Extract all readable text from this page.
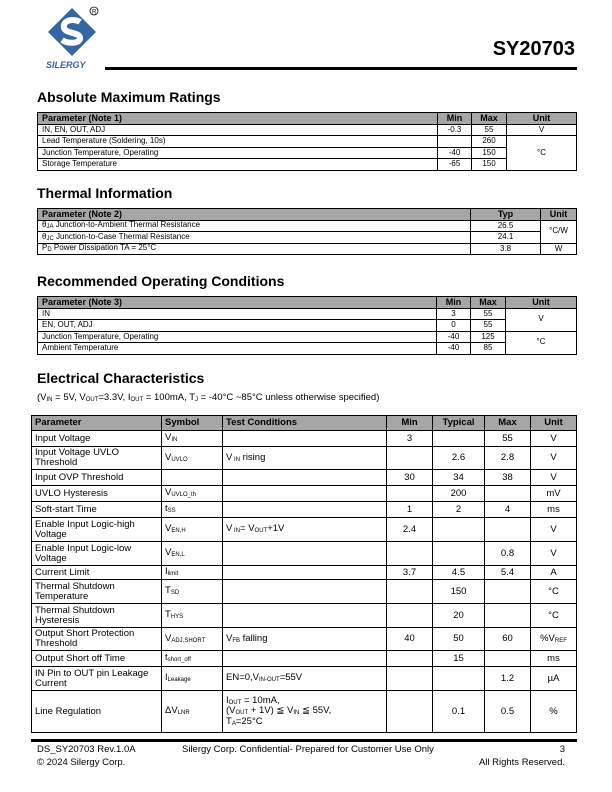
R
SILERGY
SY20703
Absolute Maximum Ratings
Parameter (Note 1)	Min	Max	Unit
IN, EN, OUT, ADJ	-0.3	55	V
Lead Temperature (Soldering, 10s)		260	°C
Junction Temperature, Operating	-40	150	
Storage Temperature	-65	150	
Thermal Information
Parameter (Note 2)	Typ	Unit
$\theta_{JA}$ Junction-to-Ambient Thermal Resistance	26.5	°C/W
$\theta_{JC}$ Junction-to-Case Thermal Resistance	24.1	
$P_D$ Power Dissipation TA = 25°C	3.8	W
Recommended Operating Conditions
Parameter (Note 3)	Min	Max	Unit
IN	3	55	V
EN, OUT, ADJ	0	55	
Junction Temperature, Operating	-40	125	°C
Ambient Temperature	-40	85	
Electrical Characteristics
($V_{IN} = 5V$, $V_{OUT}=3.3V$, $I_{OUT} = 100mA$, $T_J = -40^\circ C$ ~85°C unless otherwise specified)
Parameter	Symbol	Test Conditions	Min	Typical	Max	Unit
Input Voltage	$V_{IN}$		3		55	V
Input Voltage UVLO Threshold	$V_{UVLO}$	V $_{IN}$ rising		2.6	2.8	V
Input OVP Threshold			30	34	38	V
UVLO Hysteresis	$V_{UVLO\_th}$			200		mV
Soft-start Time	$t_{SS}$		1	2	4	ms
Enable Input Logic-high Voltage	$V_{EN,H}$	V $_{IN}= V_{OUT}+1V$	2.4			V
Enable Input Logic-low Voltage	$V_{EN,L}$				0.8	V
Current Limit	$I_{limit}$		3.7	4.5	5.4	A
Thermal Shutdown Temperature	$T_{SD}$			150		°C
Thermal Shutdown Hysteresis	$T_{HYS}$			20		°C
Output Short Protection Threshold	$V_{ADJ,SHORT}$	$V_{FB}$ falling	40	50	60	$\%V_{REF}$
Output Short off Time	$t_{short\_off}$			15		ms
IN Pin to OUT pin Leakage Current	$I_{Leakage}$	$EN=0,V_{IN-OUT}=55V$			1.2	µA
Line Regulation	$\Delta V_{LNR}$	$I_{OUT} = 10mA$,
$(V_{OUT} + 1V)$ ≦ $V_{IN}$ ≦ 55V,
$T_A=25^\circ C$		0.1	0.5	%
DS_SY20703 Rev.1.0A
© 2024 Silergy Corp.
Silergy Corp. Confidential- Prepared for Customer Use Only	3
All Rights Reserved.
